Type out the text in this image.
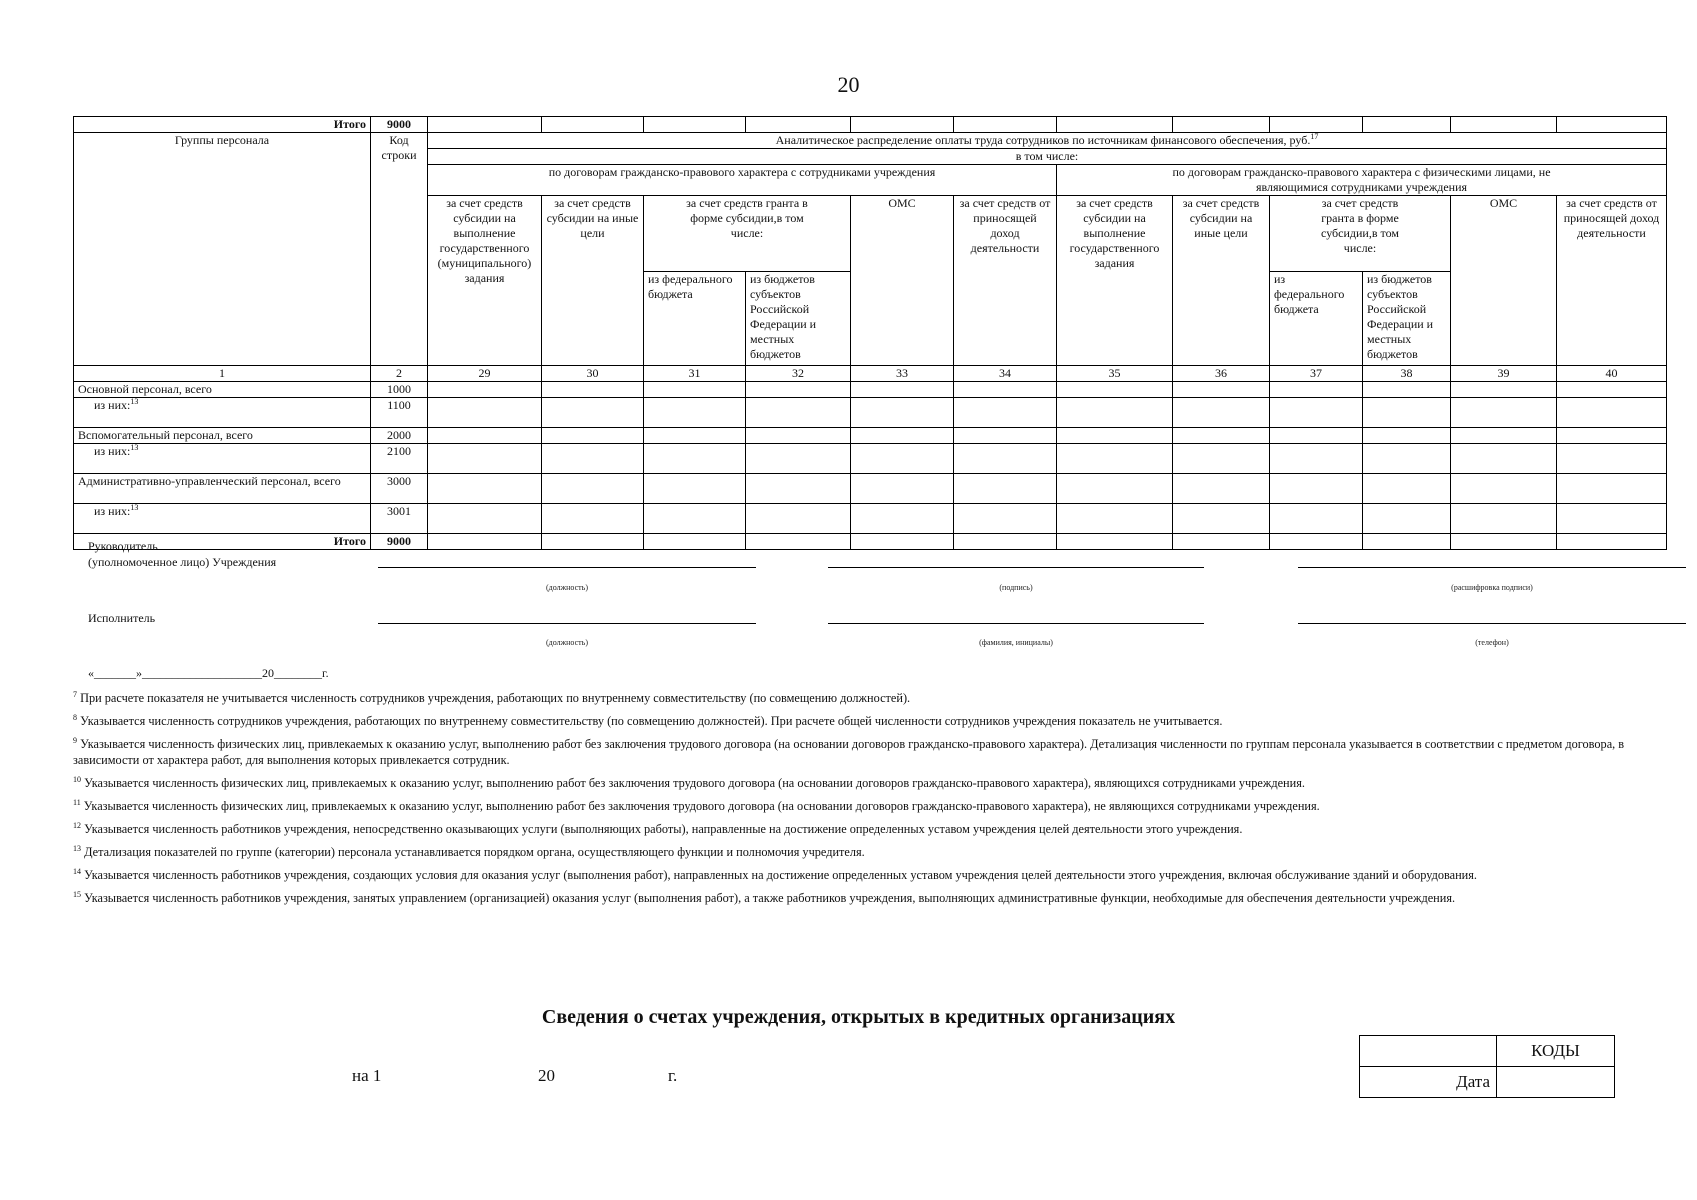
20
Итого	9000												
Группы персонала	Код строки	Аналитическое распределение оплаты труда сотрудников по источникам финансового обеспечения, руб.$^{17}$
		в том числе:											
		по договорам гражданско-правового характера с сотрудниками учреждения						по договорам гражданско-правового характера с физическими лицами, не являющимися сотрудниками учреждения					
		за счет средств субсидии на выполнение государственного (муниципального) задания	за счет средств субсидии на иные цели	за счет средств гранта в форме субсидии,в том числе:		ОМС	за счет средств от приносящей доход деятельности	за счет средств субсидии на выполнение государственного задания	за счет средств субсидии на иные цели	за счет средств гранта в форме субсидии,в том числе:		ОМС	за счет средств от приносящей доход деятельности
				из федерального бюджета	из бюджетов субъектов Российской Федерации и местных бюджетов					из федерального бюджета	из бюджетов субъектов Российской Федерации и местных бюджетов		
1	2	29	30	31	32	33	34	35	36	37	38	39	40
Основной персонал, всего	1000												
из них:$^{13}$	1100												
Вспомогательный персонал, всего	2000												
из них:$^{13}$	2100												
Административно-управленческий персонал, всего	3000												
из них:$^{13}$	3001												
Итого	9000												
Руководитель
(уполномоченное лицо) Учреждения
(должность)	(подпись)	(расшифровка подписи)
Исполнитель
(должность)	(фамилия, инициалы)	(телефон)
«_______»____________________20________г.

$^7$ При расчете показателя не учитывается численность сотрудников учреждения, работающих по внутреннему совместительству (по совмещению должностей).

$^8$ Указывается численность сотрудников учреждения, работающих по внутреннему совместительству (по совмещению должностей). При расчете общей численности сотрудников учреждения показатель не учитывается.

$^9$ Указывается численность физических лиц, привлекаемых к оказанию услуг, выполнению работ без заключения трудового договора (на основании договоров гражданско-правового характера). Детализация численности по группам персонала указывается в соответствии с предметом договора, в зависимости от характера работ, для выполнения которых привлекается сотрудник.

$^{10}$ Указывается численность физических лиц, привлекаемых к оказанию услуг, выполнению работ без заключения трудового договора (на основании договоров гражданско-правового характера), являющихся сотрудниками учреждения.

$^{11}$ Указывается численность физических лиц, привлекаемых к оказанию услуг, выполнению работ без заключения трудового договора (на основании договоров гражданско-правового характера), не являющихся сотрудниками учреждения.

$^{12}$ Указывается численность работников учреждения, непосредственно оказывающих услуги (выполняющих работы), направленные на достижение определенных уставом учреждения целей деятельности этого учреждения.

$^{13}$ Детализация показателей по группе (категории) персонала устанавливается порядком органа, осуществляющего функции и полномочия учредителя.

$^{14}$ Указывается численность работников учреждения, создающих условия для оказания услуг (выполнения работ), направленных на достижение определенных уставом учреждения целей деятельности этого учреждения, включая обслуживание зданий и оборудования.

$^{15}$ Указывается численность работников учреждения, занятых управлением (организацией) оказания услуг (выполнения работ), а также работников учреждения, выполняющих административные функции, необходимые для обеспечения деятельности учреждения.

Сведения о счетах учреждения, открытых в кредитных организациях
на 1	20	г.
	КОДЫ
Дата	
